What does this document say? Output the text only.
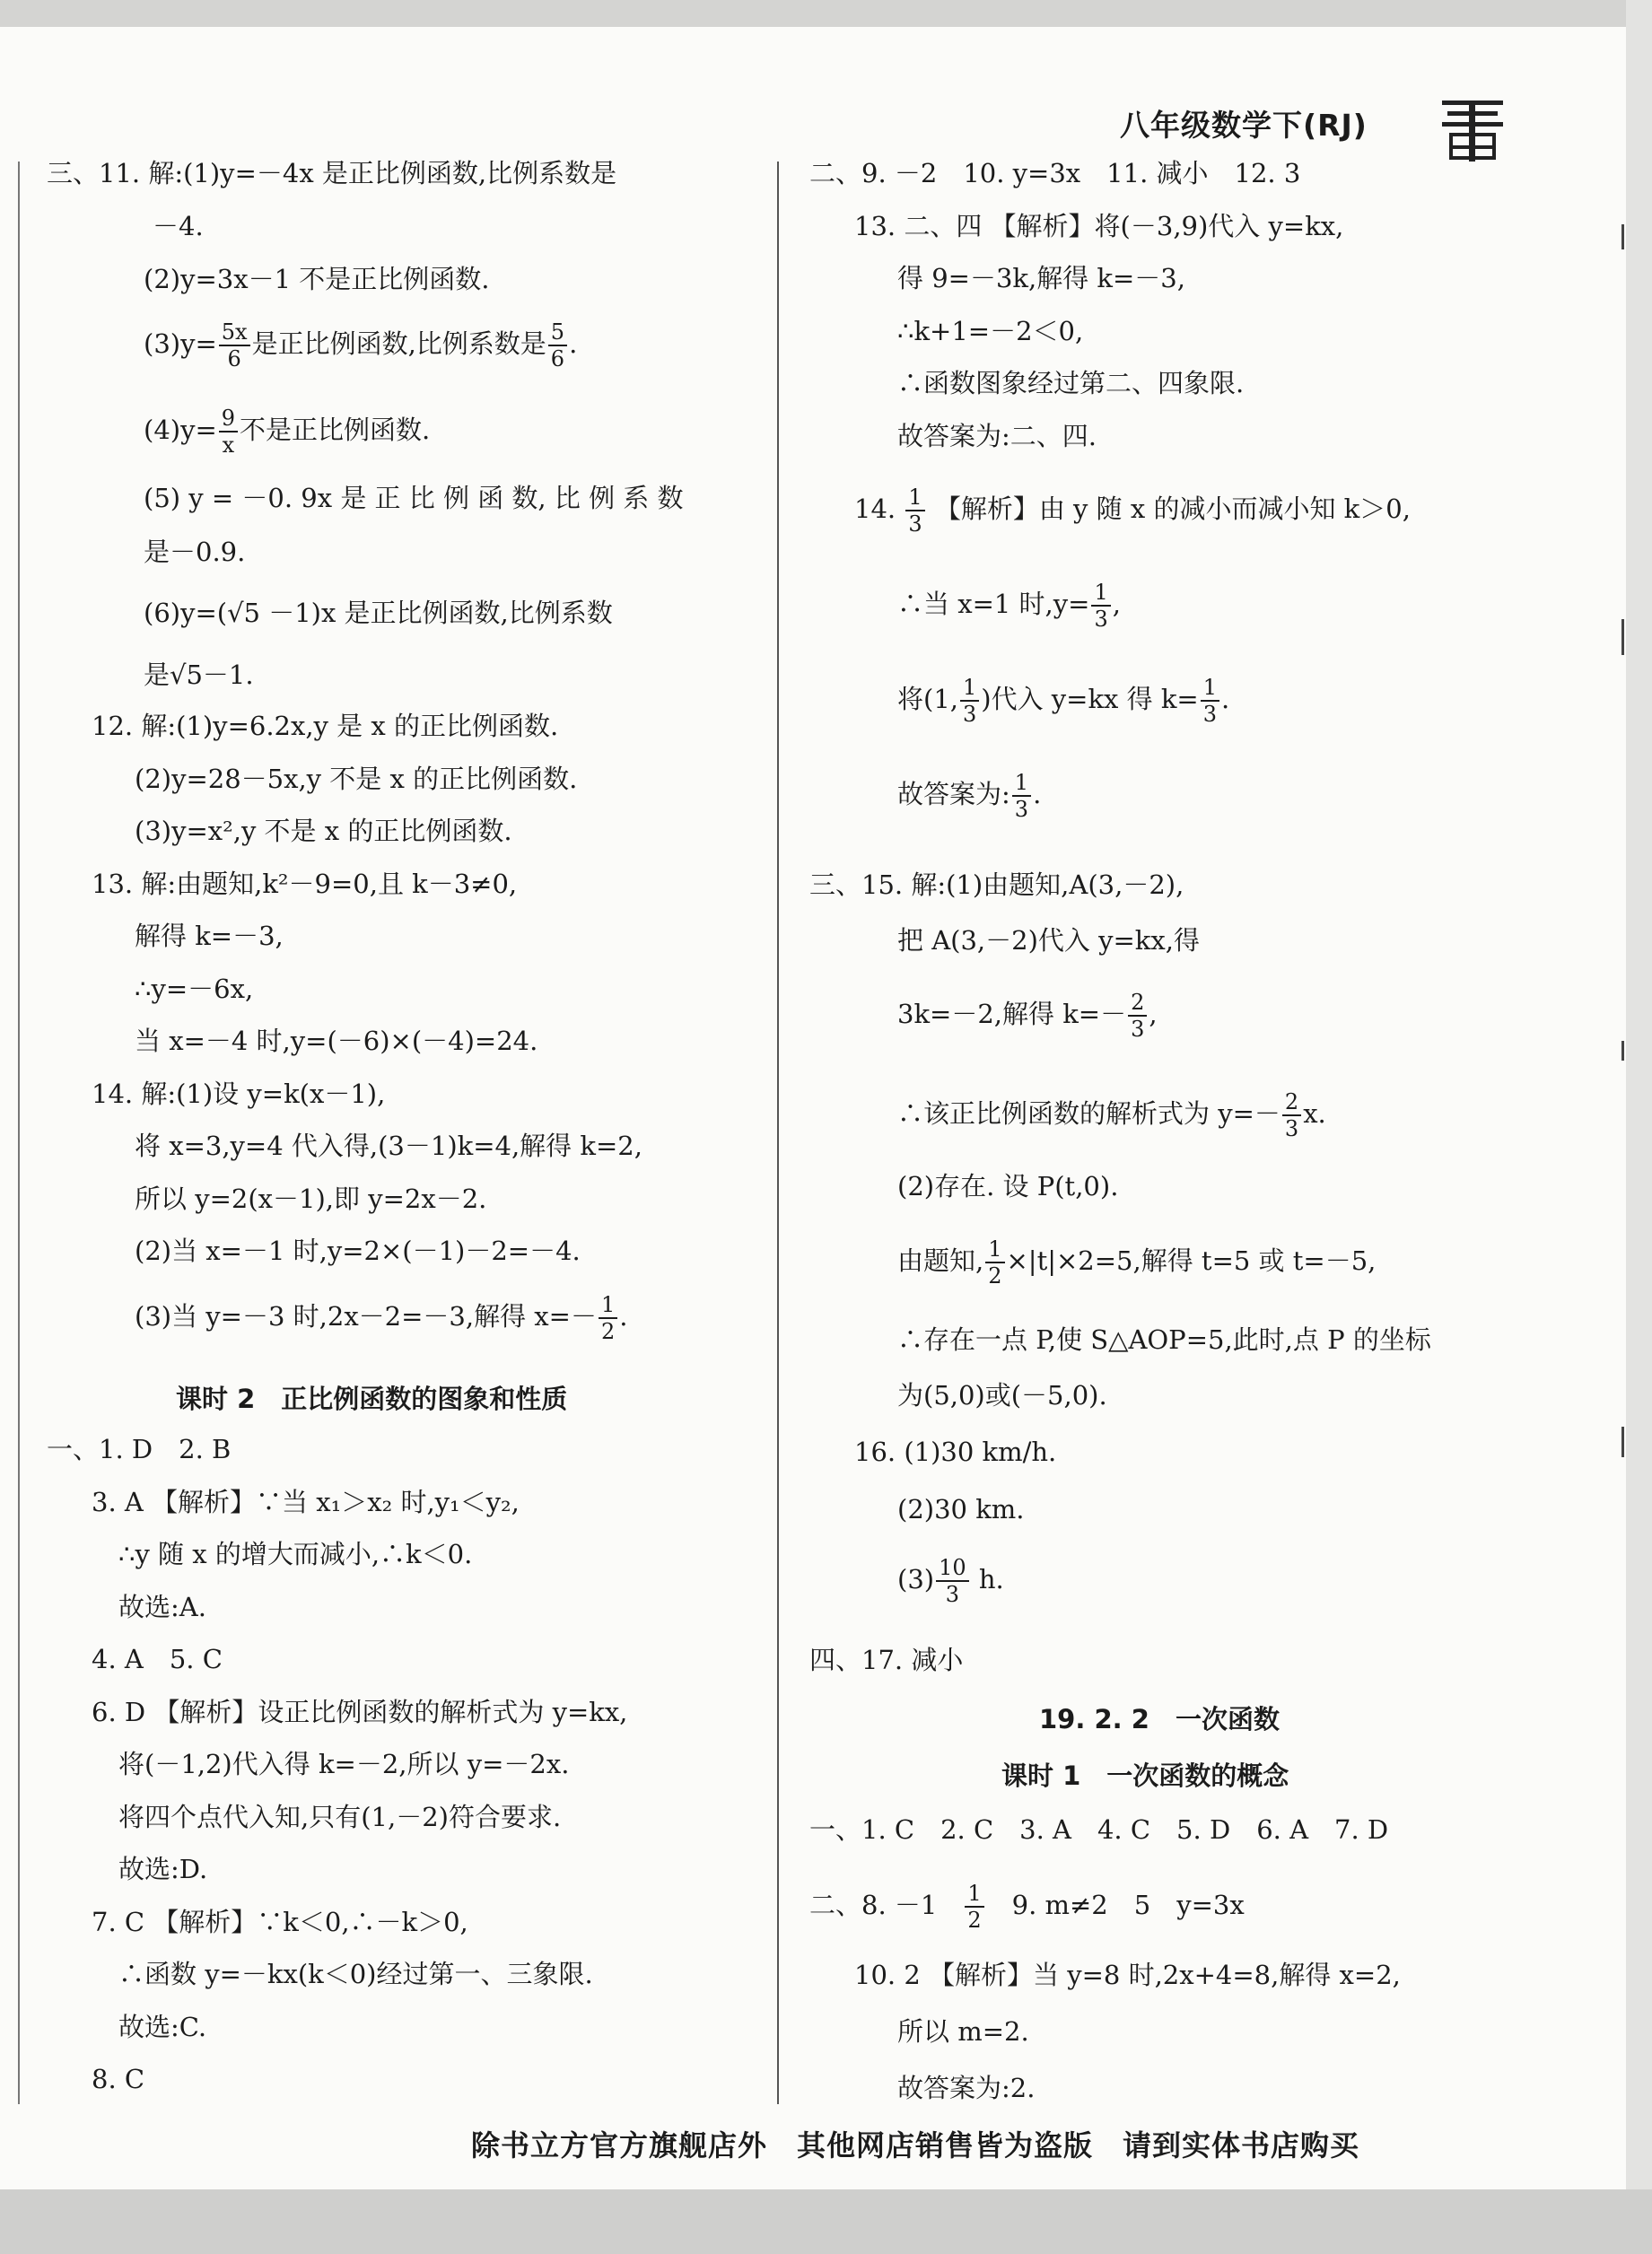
八年级数学下(RJ)
三、11. 解:(1)y=－4x 是正比例函数,比例系数是
－4.
(2)y=3x－1 不是正比例函数.
$(3)y= \frac{5x}{6}$ 是正比例函数,比例系数是 $\frac{5}{6}$ .
$(4)y= \frac{9}{x}$ 不是正比例函数.
(5) y = －0. 9x 是 正 比 例 函 数, 比 例 系 数
是－0.9.
(6)y=(√5 －1)x 是正比例函数,比例系数
是√5－1.
12. 解:(1)y=6.2x,y 是 x 的正比例函数.
(2)y=28－5x,y 不是 x 的正比例函数.
(3)y=x²,y 不是 x 的正比例函数.
13. 解:由题知,k²－9=0,且 k－3≠0,
解得 k=－3,
∴y=－6x,
当 x=－4 时,y=(－6)×(－4)=24.
14. 解:(1)设 y=k(x－1),
将 x=3,y=4 代入得,(3－1)k=4,解得 k=2,
所以 y=2(x－1),即 y=2x－2.
(2)当 x=－1 时,y=2×(－1)－2=－4.
(3)当 y=－3 时,2x－2=－3,解得 $x=- \frac{1}{2}$ .
课时 2　正比例函数的图象和性质
一、1. D　2. B
3. A 【解析】∵当 x₁＞x₂ 时,y₁＜y₂,
∴y 随 x 的增大而减小,∴k＜0.
故选:A.
4. A　5. C
6. D 【解析】设正比例函数的解析式为 y=kx,
将(－1,2)代入得 k=－2,所以 y=－2x.
将四个点代入知,只有(1,－2)符合要求.
故选:D.
7. C 【解析】∵k＜0,∴－k＞0,
∴函数 y=－kx(k＜0)经过第一、三象限.
故选:C.
8. C
二、9. －2　10. y=3x　11. 减小　12. 3
13. 二、四 【解析】将(－3,9)代入 y=kx,
得 9=－3k,解得 k=－3,
∴k+1=－2＜0,
∴函数图象经过第二、四象限.
故答案为:二、四.
14. $\frac{1}{3}$ 【解析】由 y 随 x 的减小而减小知 k＞0,
∴当 x=1 时$,y= \frac{1}{3}$ ,
将(1, $\frac{1}{3}$ )代入 y=kx 得 $k= \frac{1}{3}$ .
故答案为: $\frac{1}{3}$ .
三、15. 解:(1)由题知,A(3,－2),
把 A(3,－2)代入 y=kx,得
3k=－2,解得 $k=- \frac{2}{3}$ ,
∴该正比例函数的解析式为 $y=- \frac{2}{3} x$.
(2)存在. 设 P(t,0).
由题知, $\frac{1}{2} \times|t|\times 2=5$,解得 t=5 或 t=－5,
∴存在一点 P,使 S△AOP=5,此时,点 P 的坐标
为(5,0)或(－5,0).
16. (1)30 km/h.
(2)30 km.
$(3) \frac{10}{3} h$.
四、17. 减小
19. 2. 2　一次函数
课时 1　一次函数的概念
一、1. C　2. C　3. A　4. C　5. D　6. A　7. D
二、8. －1　 $\frac{1}{2}$ 　9. m≠2　5　y=3x
10. 2 【解析】当 y=8 时,2x+4=8,解得 x=2,
所以 m=2.
故答案为:2.
除书立方官方旗舰店外　其他网店销售皆为盗版　请到实体书店购买
